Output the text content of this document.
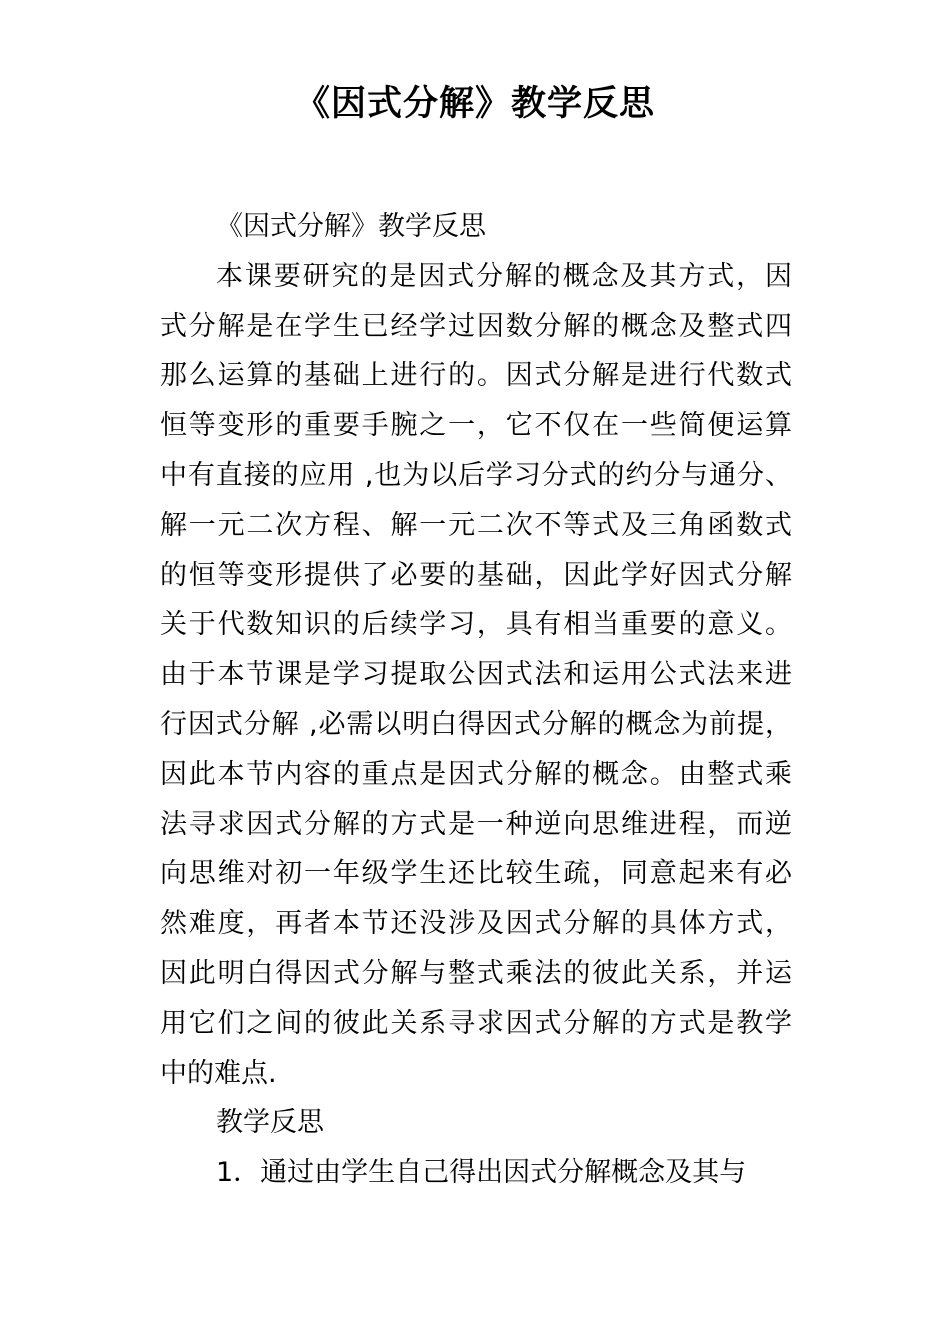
《因式分解》教学反思
《因式分解》教学反思
本课要研究的是因式分解的概念及其方式，因
式分解是在学生已经学过因数分解的概念及整式四
那么运算的基础上进行的。因式分解是进行代数式
恒等变形的重要手腕之一，它不仅在一些简便运算
中有直接的应用 ,也为以后学习分式的约分与通分、
解一元二次方程、解一元二次不等式及三角函数式
的恒等变形提供了必要的基础，因此学好因式分解
关于代数知识的后续学习，具有相当重要的意义。
由于本节课是学习提取公因式法和运用公式法来进
行因式分解 ,必需以明白得因式分解的概念为前提，
因此本节内容的重点是因式分解的概念。由整式乘
法寻求因式分解的方式是一种逆向思维进程，而逆
向思维对初一年级学生还比较生疏，同意起来有必
然难度，再者本节还没涉及因式分解的具体方式，
因此明白得因式分解与整式乘法的彼此关系，并运
用它们之间的彼此关系寻求因式分解的方式是教学
中的难点.
教学反思
1．通过由学生自己得出因式分解概念及其与
